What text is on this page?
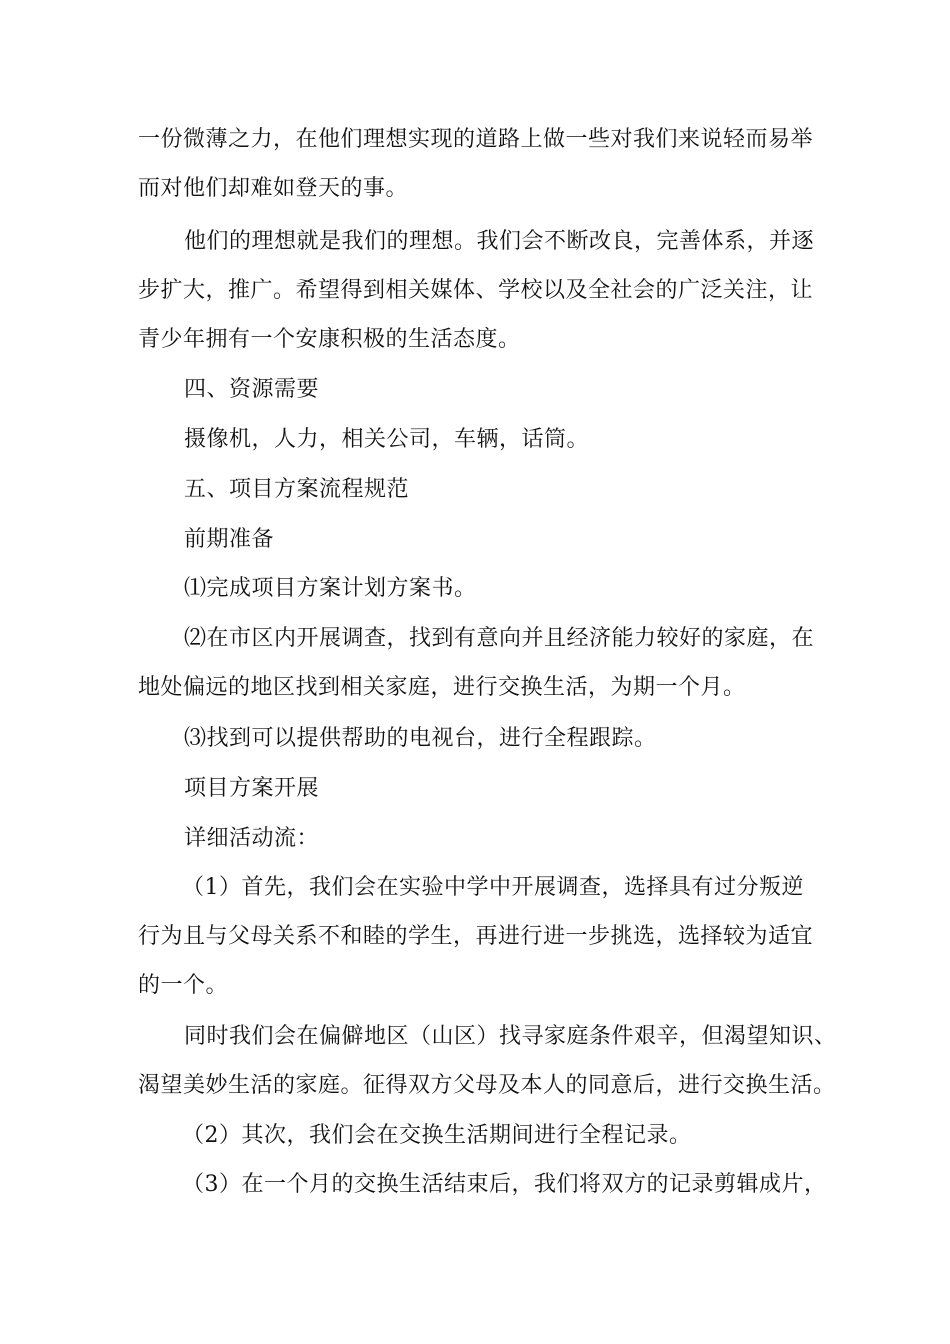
一份微薄之力，在他们理想实现的道路上做一些对我们来说轻而易举
而对他们却难如登天的事。
他们的理想就是我们的理想。我们会不断改良，完善体系，并逐
步扩大，推广。希望得到相关媒体、学校以及全社会的广泛关注，让
青少年拥有一个安康积极的生活态度。
四、资源需要
摄像机，人力，相关公司，车辆，话筒。
五、项目方案流程规范
前期准备
⑴完成项目方案计划方案书。
⑵在市区内开展调查，找到有意向并且经济能力较好的家庭，在
地处偏远的地区找到相关家庭，进行交换生活，为期一个月。
⑶找到可以提供帮助的电视台，进行全程跟踪。
项目方案开展
详细活动流：
（1）首先，我们会在实验中学中开展调查，选择具有过分叛逆
行为且与父母关系不和睦的学生，再进行进一步挑选，选择较为适宜
的一个。
同时我们会在偏僻地区（山区）找寻家庭条件艰辛，但渴望知识、
渴望美妙生活的家庭。征得双方父母及本人的同意后，进行交换生活。
（2）其次，我们会在交换生活期间进行全程记录。
（3）在一个月的交换生活结束后，我们将双方的记录剪辑成片，
